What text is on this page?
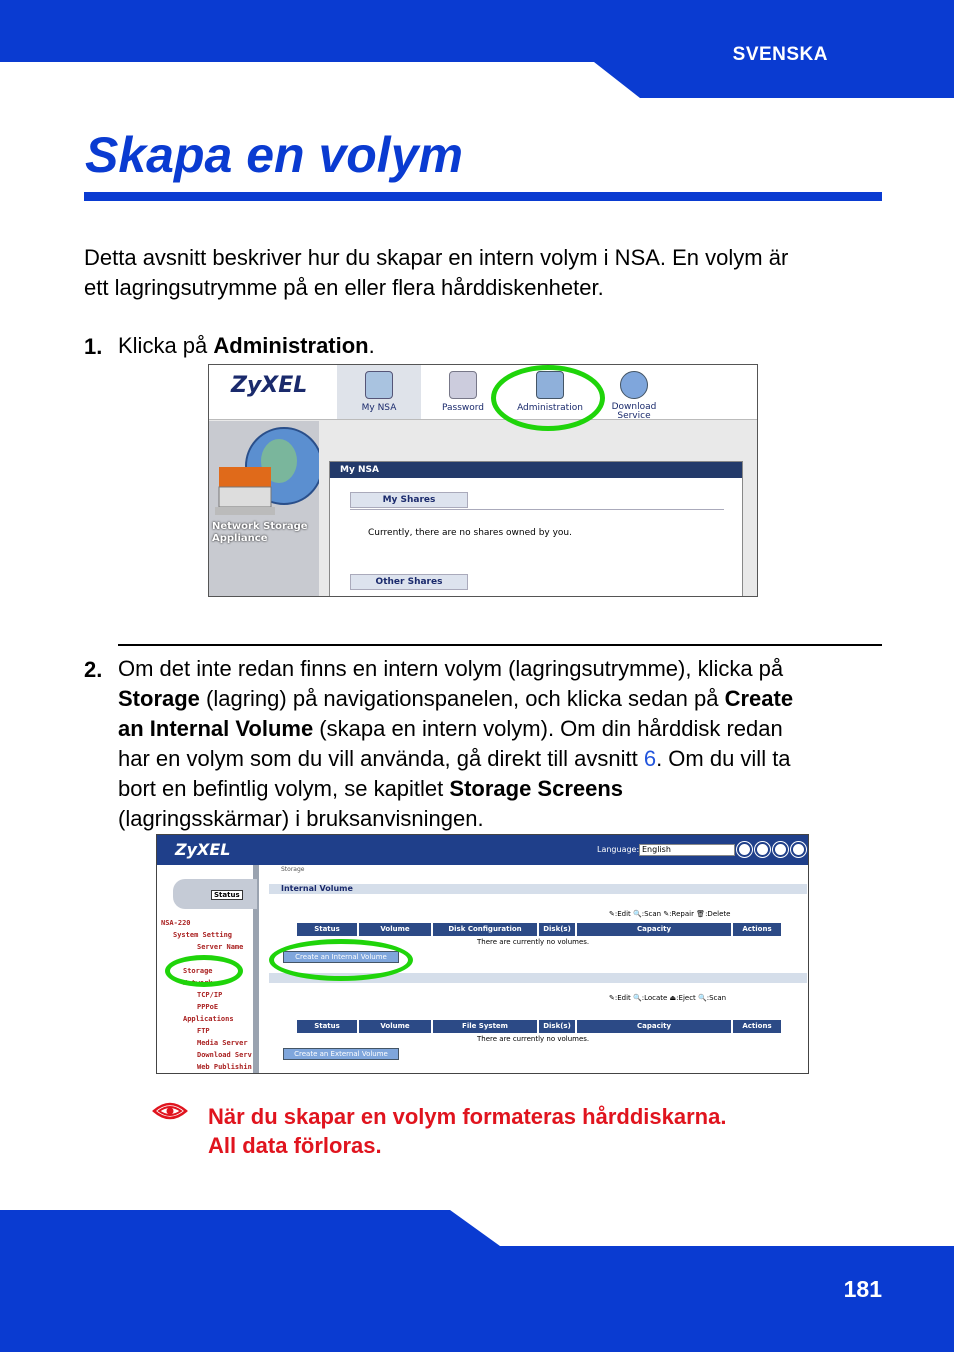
SVENSKA
Skapa en volym
Detta avsnitt beskriver hur du skapar en intern volym i NSA. En volym är
ett lagringsutrymme på en eller flera hårddiskenheter.
1. Klicka på Administration.
ZyXEL
My NSA	Password	Administration	Download Service
Network Storage
Appliance
My NSA
My Shares
Currently, there are no shares owned by you.
Other Shares
2. Om det inte redan finns en intern volym (lagringsutrymme), klicka på
Storage (lagring) på navigationspanelen, och klicka sedan på Create
an Internal Volume (skapa en intern volym). Om din hårddisk redan
har en volym som du vill använda, gå direkt till avsnitt 6. Om du vill ta
bort en befintlig volym, se kapitlet Storage Screens
(lagringsskärmar) i bruksanvisningen.
ZyXEL	Language: English
Status
NSA-220
System Setting
Server Name
Storage
Network
TCP/IP
PPPoE
Applications
FTP
Media Server
Download Serv
Web Publishin
Storage
Internal Volume
✎:Edit 🔍:Scan ✎:Repair 🗑:Delete
Status	Volume	Disk Configuration	Disk(s)	Capacity	Actions
There are currently no volumes.
Create an Internal Volume
✎:Edit 🔍:Locate ⏏:Eject 🔍:Scan
Status	Volume	File System	Disk(s)	Capacity	Actions
There are currently no volumes.
Create an External Volume
När du skapar en volym formateras hårddiskarna.
All data förloras.
181
